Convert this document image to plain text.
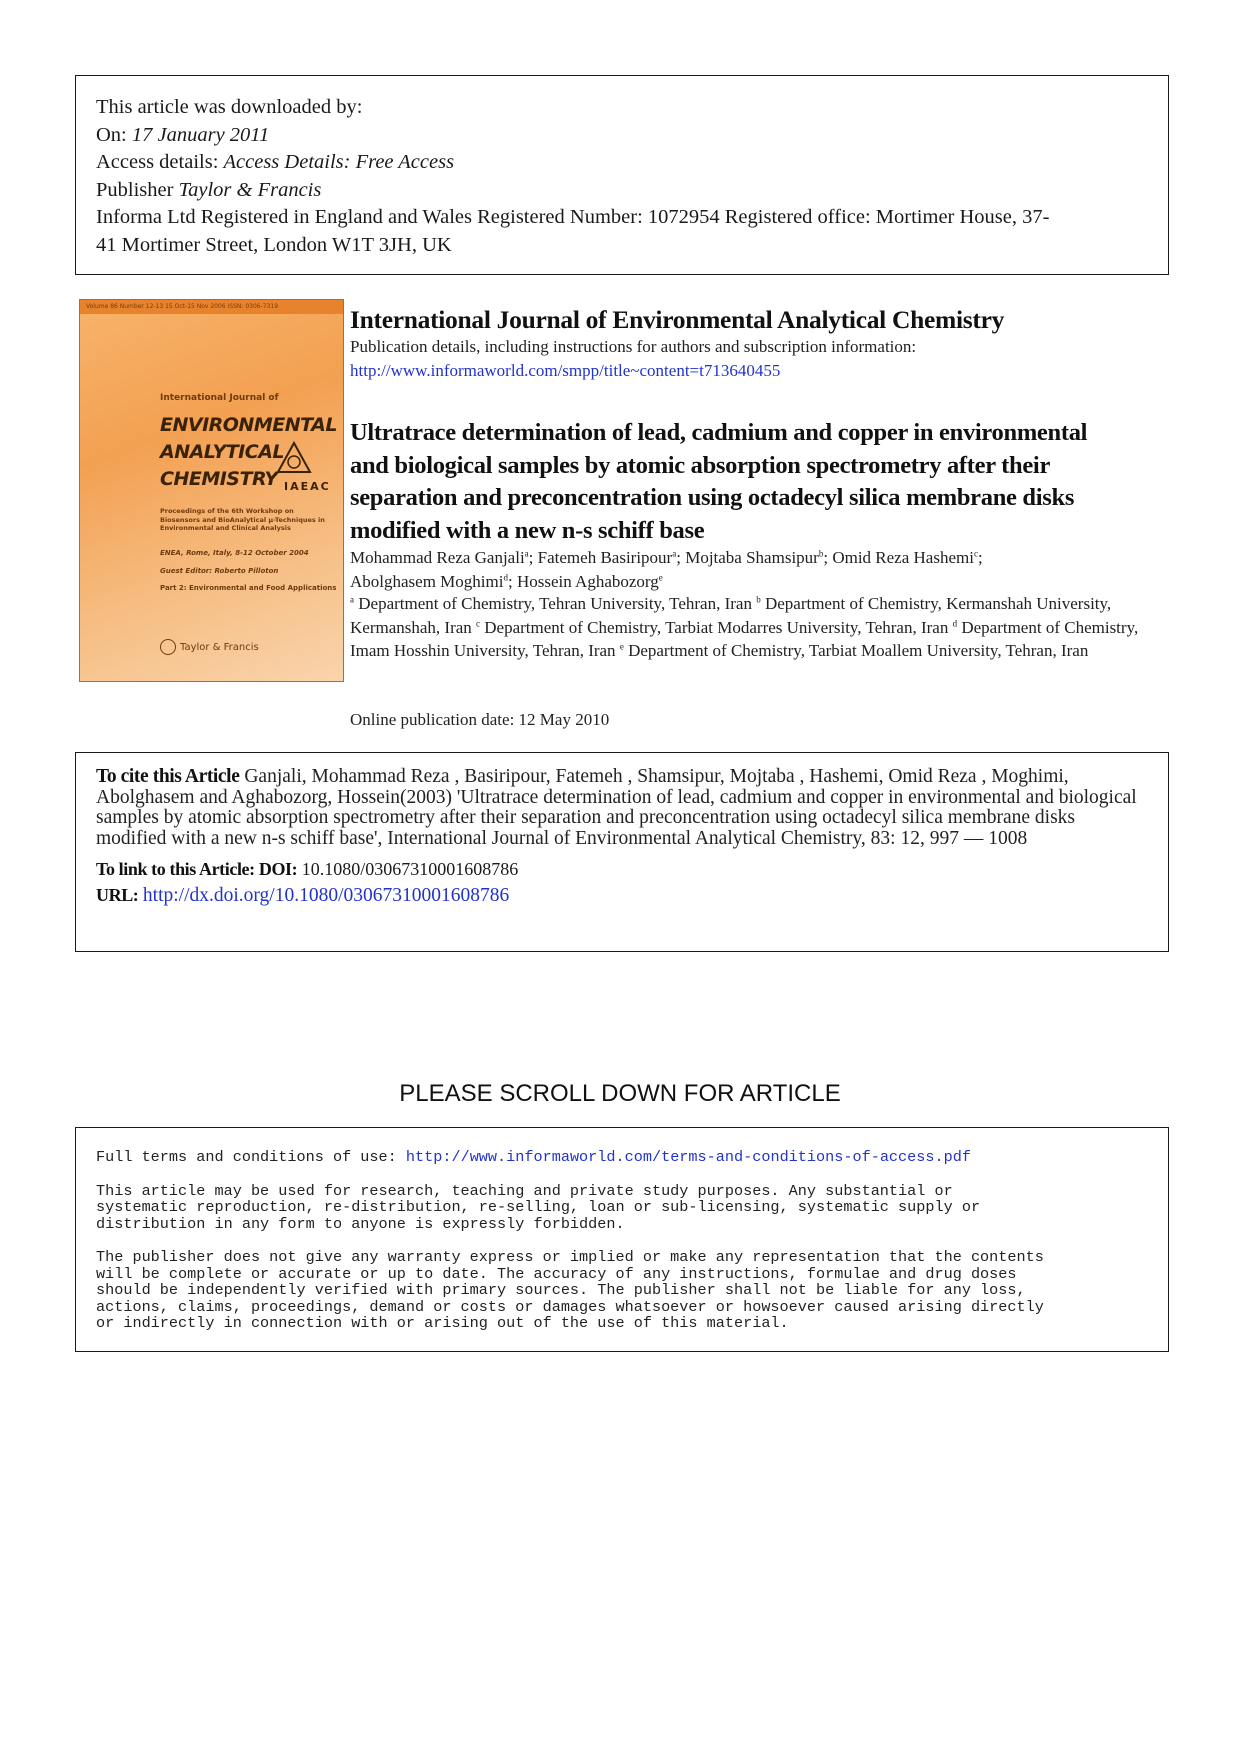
This article was downloaded by:
On: 17 January 2011
Access details: Access Details: Free Access
Publisher Taylor & Francis
Informa Ltd Registered in England and Wales Registered Number: 1072954 Registered office: Mortimer House, 37-
41 Mortimer Street, London W1T 3JH, UK
Volume 86 Number 12-13 15 Oct-15 Nov 2006 ISSN: 0306-7319
International Journal of
ENVIRONMENTAL
ANALYTICAL
CHEMISTRY IAEAC
Proceedings of the 6th Workshop on Biosensors and BioAnalytical µ-Techniques in Environmental and Clinical Analysis
ENEA, Rome, Italy, 8-12 October 2004
Guest Editor: Roberto Pilloton
Part 2: Environmental and Food Applications
Taylor & Francis
International Journal of Environmental Analytical Chemistry
Publication details, including instructions for authors and subscription information:
http://www.informaworld.com/smpp/title~content=t713640455
Ultratrace determination of lead, cadmium and copper in environmental
and biological samples by atomic absorption spectrometry after their
separation and preconcentration using octadecyl silica membrane disks
modified with a new n-s schiff base
Mohammad Reza Ganjali$^a$; Fatemeh Basiripour$^a$; Mojtaba Shamsipur$^b$; Omid Reza Hashemi$^c$;
Abolghasem Moghimi$^d$; Hossein Aghabozorg$^e$
$^a$ Department of Chemistry, Tehran University, Tehran, Iran $^b$ Department of Chemistry, Kermanshah University, Kermanshah, Iran $^c$ Department of Chemistry, Tarbiat Modarres University, Tehran, Iran $^d$ Department of Chemistry, Imam Hosshin University, Tehran, Iran $^e$ Department of Chemistry, Tarbiat Moallem University, Tehran, Iran
Online publication date: 12 May 2010
To cite this Article Ganjali, Mohammad Reza , Basiripour, Fatemeh , Shamsipur, Mojtaba , Hashemi, Omid Reza , Moghimi, Abolghasem and Aghabozorg, Hossein(2003) 'Ultratrace determination of lead, cadmium and copper in environmental and biological samples by atomic absorption spectrometry after their separation and preconcentration using octadecyl silica membrane disks modified with a new n-s schiff base', International Journal of Environmental Analytical Chemistry, 83: 12, 997 — 1008
To link to this Article: DOI: 10.1080/03067310001608786
URL: http://dx.doi.org/10.1080/03067310001608786
PLEASE SCROLL DOWN FOR ARTICLE
Full terms and conditions of use: http://www.informaworld.com/terms-and-conditions-of-access.pdf
This article may be used for research, teaching and private study purposes. Any substantial or
systematic reproduction, re-distribution, re-selling, loan or sub-licensing, systematic supply or
distribution in any form to anyone is expressly forbidden.
The publisher does not give any warranty express or implied or make any representation that the contents
will be complete or accurate or up to date. The accuracy of any instructions, formulae and drug doses
should be independently verified with primary sources. The publisher shall not be liable for any loss,
actions, claims, proceedings, demand or costs or damages whatsoever or howsoever caused arising directly
or indirectly in connection with or arising out of the use of this material.
